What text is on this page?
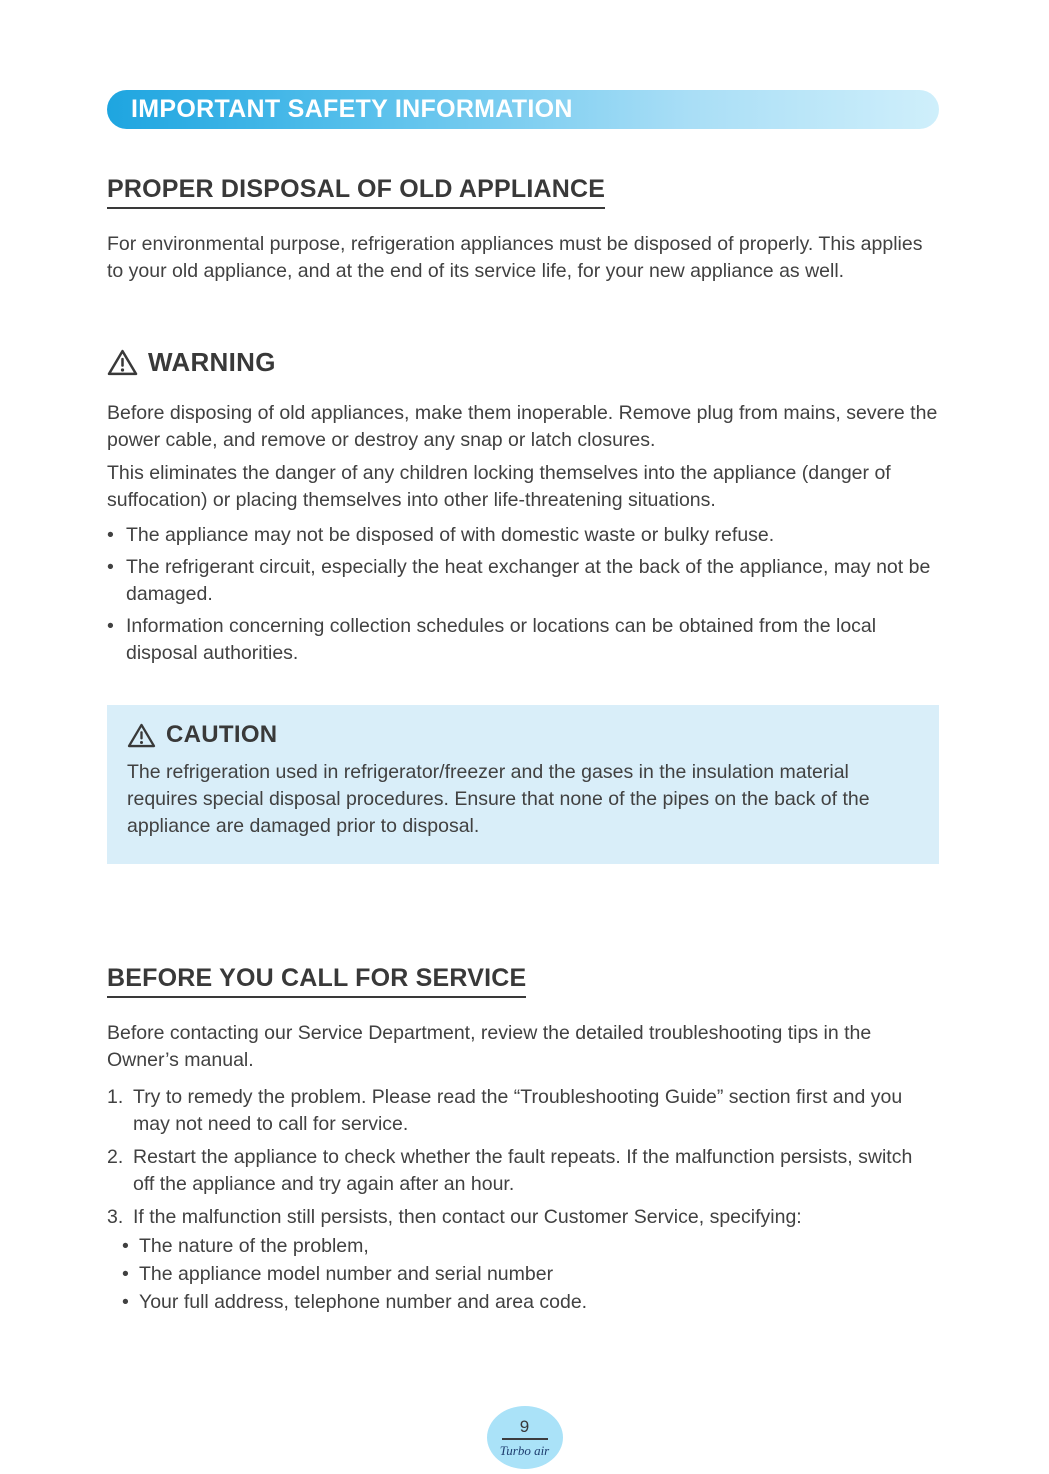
IMPORTANT SAFETY INFORMATION
PROPER DISPOSAL OF OLD APPLIANCE

For environmental purpose, refrigeration appliances must be disposed of properly. This applies to your old appliance, and at the end of its service life, for your new appliance as well.

WARNING

Before disposing of old appliances, make them inoperable. Remove plug from mains, severe the power cable, and remove or destroy any snap or latch closures.

This eliminates the danger of any children locking themselves into the appliance (danger of suffocation) or placing themselves into other life-threatening situations.

• The appliance may not be disposed of with domestic waste or bulky refuse.
• The refrigerant circuit, especially the heat exchanger at the back of the appliance, may not be damaged.
• Information concerning collection schedules or locations can be obtained from the local disposal authorities.
CAUTION

The refrigeration used in refrigerator/freezer and the gases in the insulation material requires special disposal procedures. Ensure that none of the pipes on the back of the appliance are damaged prior to disposal.

BEFORE YOU CALL FOR SERVICE

Before contacting our Service Department, review the detailed troubleshooting tips in the Owner’s manual.

1. Try to remedy the problem. Please read the “Troubleshooting Guide” section first and you may not need to call for service.
2. Restart the appliance to check whether the fault repeats. If the malfunction persists, switch off the appliance and try again after an hour.
3. If the malfunction still persists, then contact our Customer Service, specifying:
• The nature of the problem,
• The appliance model number and serial number
• Your full address, telephone number and area code.
9
Turbo air
